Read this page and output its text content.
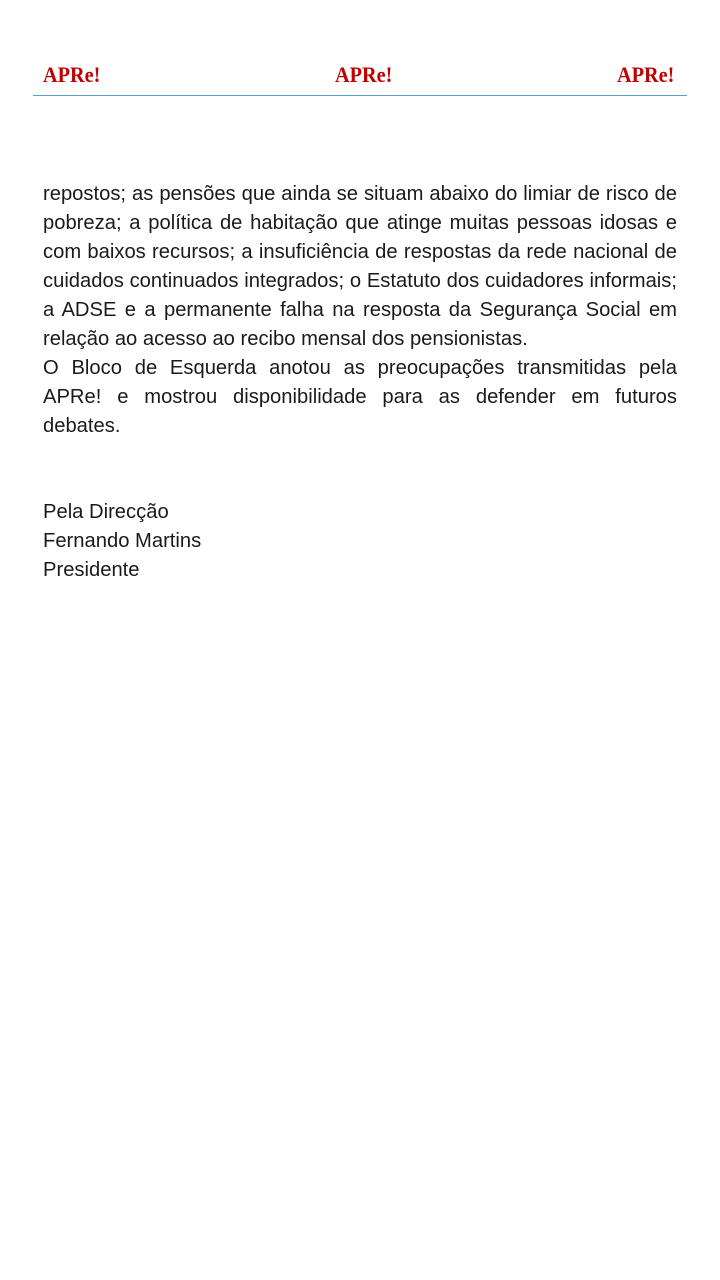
APRe!	APRe!	APRe!

repostos; as pensões que ainda se situam abaixo do limiar de risco de pobreza; a política de habitação que atinge muitas pessoas idosas e com baixos recursos; a insuficiência de respostas da rede nacional de cuidados continuados integrados; o Estatuto dos cuidadores informais; a ADSE e a permanente falha na resposta da Segurança Social em relação ao acesso ao recibo mensal dos pensionistas.

O Bloco de Esquerda anotou as preocupações transmitidas pela APRe! e mostrou disponibilidade para as defender em futuros debates.

Pela Direcção
Fernando Martins
Presidente
